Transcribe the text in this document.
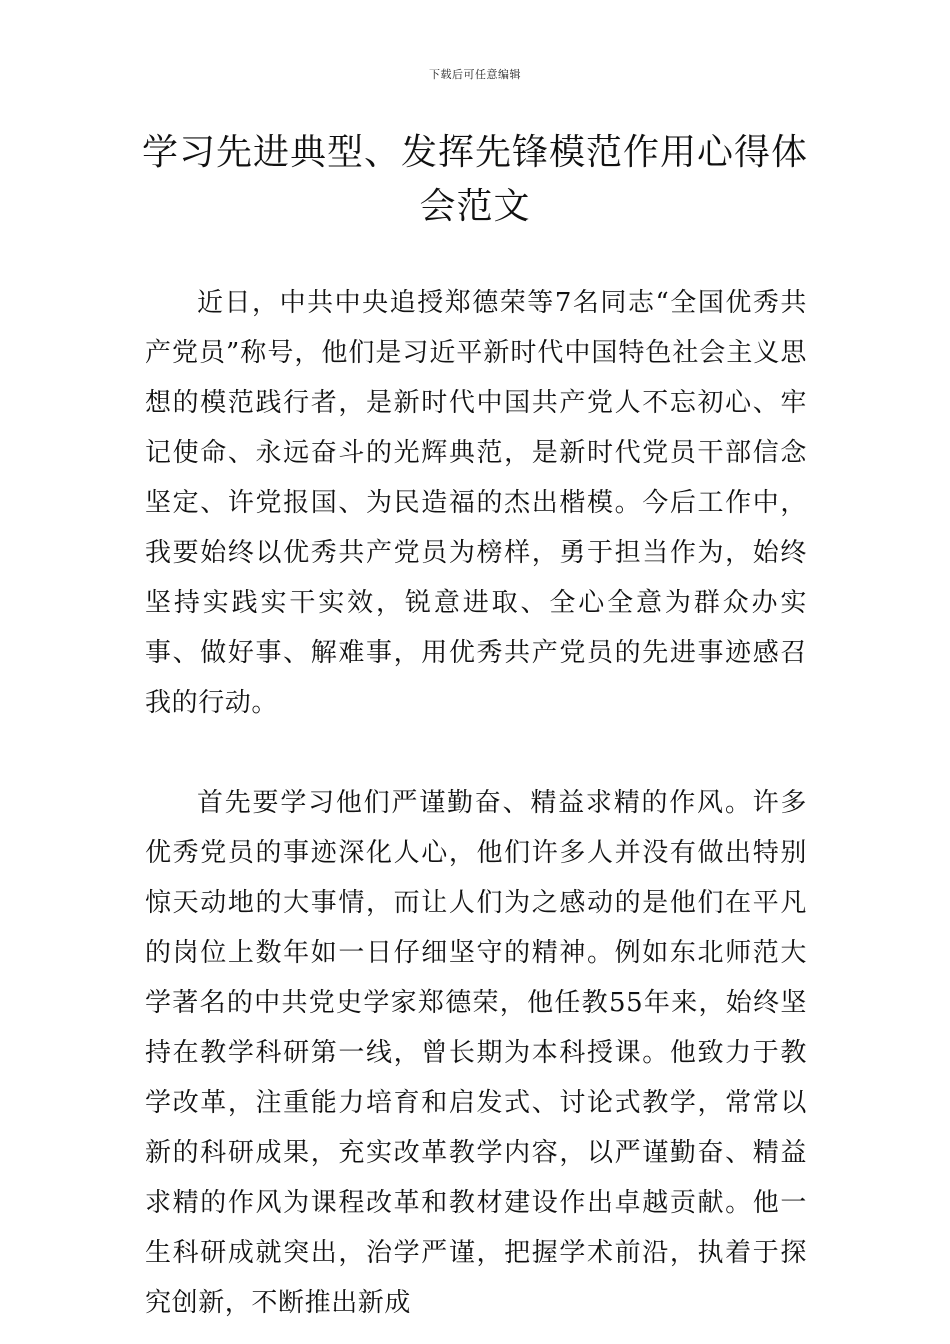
下载后可任意编辑
学习先进典型、发挥先锋模范作用心得体会范文

近日，中共中央追授郑德荣等7名同志“全国优秀共产党员”称号，他们是习近平新时代中国特色社会主义思想的模范践行者，是新时代中国共产党人不忘初心、牢记使命、永远奋斗的光辉典范，是新时代党员干部信念坚定、许党报国、为民造福的杰出楷模。今后工作中，我要始终以优秀共产党员为榜样，勇于担当作为，始终坚持实践实干实效，锐意进取、全心全意为群众办实事、做好事、解难事，用优秀共产党员的先进事迹感召我的行动。

首先要学习他们严谨勤奋、精益求精的作风。许多优秀党员的事迹深化人心，他们许多人并没有做出特别惊天动地的大事情，而让人们为之感动的是他们在平凡的岗位上数年如一日仔细坚守的精神。例如东北师范大学著名的中共党史学家郑德荣，他任教55年来，始终坚持在教学科研第一线，曾长期为本科授课。他致力于教学改革，注重能力培育和启发式、讨论式教学，常常以新的科研成果，充实改革教学内容，以严谨勤奋、精益求精的作风为课程改革和教材建设作出卓越贡献。他一生科研成就突出，治学严谨，把握学术前沿，执着于探究创新，不断推出新成
